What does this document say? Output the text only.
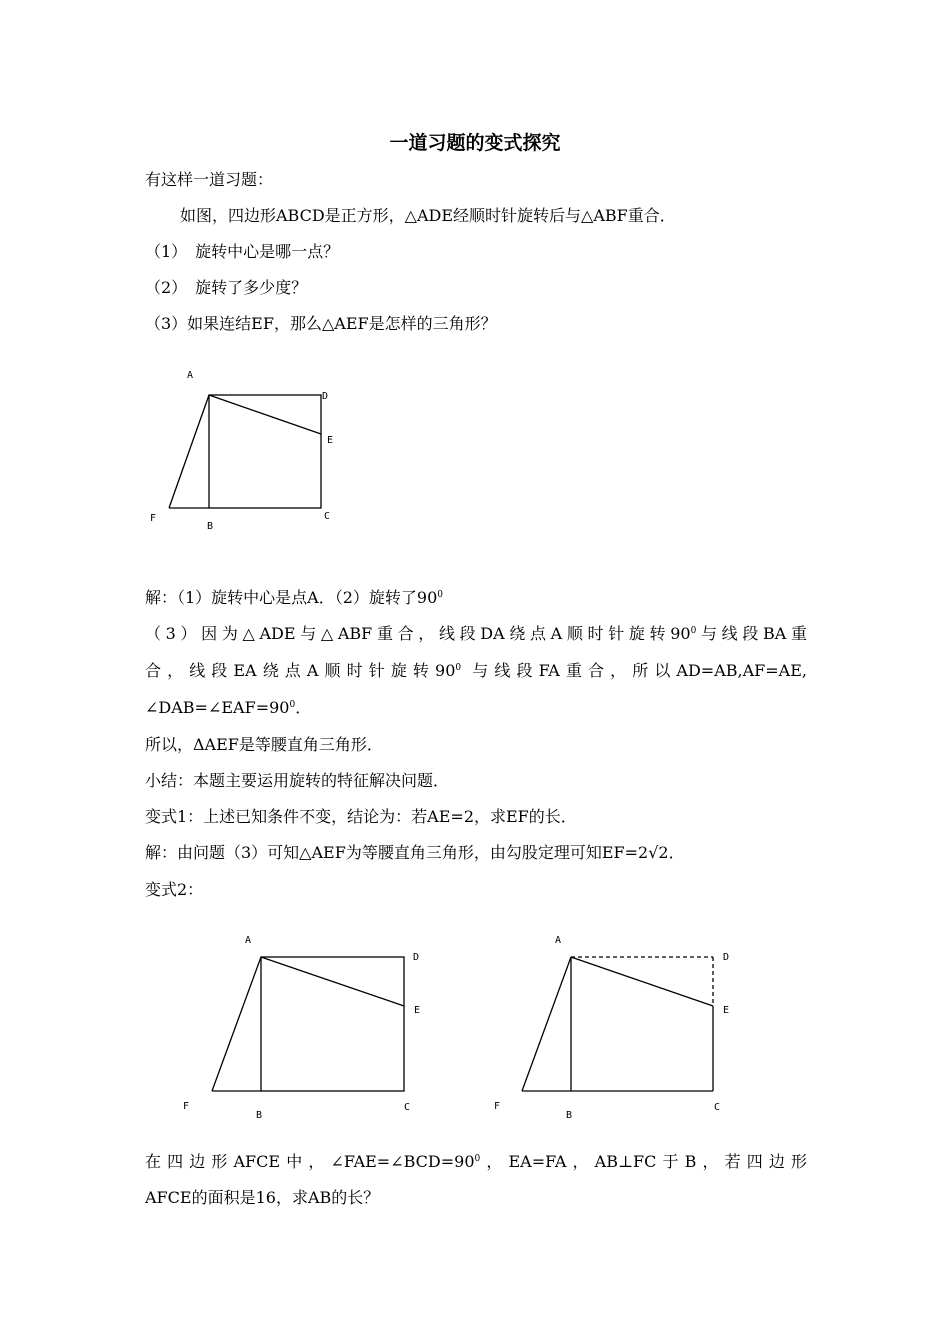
一道习题的变式探究
有这样一道习题：
如图，四边形ABCD是正方形，△ADE经顺时针旋转后与△ABF重合．
（1）　旋转中心是哪一点？
（2）　旋转了多少度？
（3）如果连结EF，那么△AEF是怎样的三角形？
A
D
E
C
F
B
解：（1）旋转中心是点A．（2）旋转了$90^0$
（3）因为△ADE与△ABF重合，线段DA绕点A顺时针旋转$90^0$与线段BA重
合，线段EA绕点A顺时针旋转$90^0$ 与线段FA重合，所以AD=AB,AF=AE,
$\angle DAB=\angle EAF=90^0$．
所以，ΔAEF是等腰直角三角形．
小结：本题主要运用旋转的特征解决问题．
变式1：上述已知条件不变，结论为：若AE=2，求EF的长．
解：由问题（3）可知△AEF为等腰直角三角形，由勾股定理可知EF=2√2．
变式2：
A
D
E
C
F
B
A
D
E
C
F
B
在四边形AFCE中，$\angle FAE=\angle BCD=90^0$，EA=FA，AB⊥FC于B，若四边形
AFCE的面积是16，求AB的长？
